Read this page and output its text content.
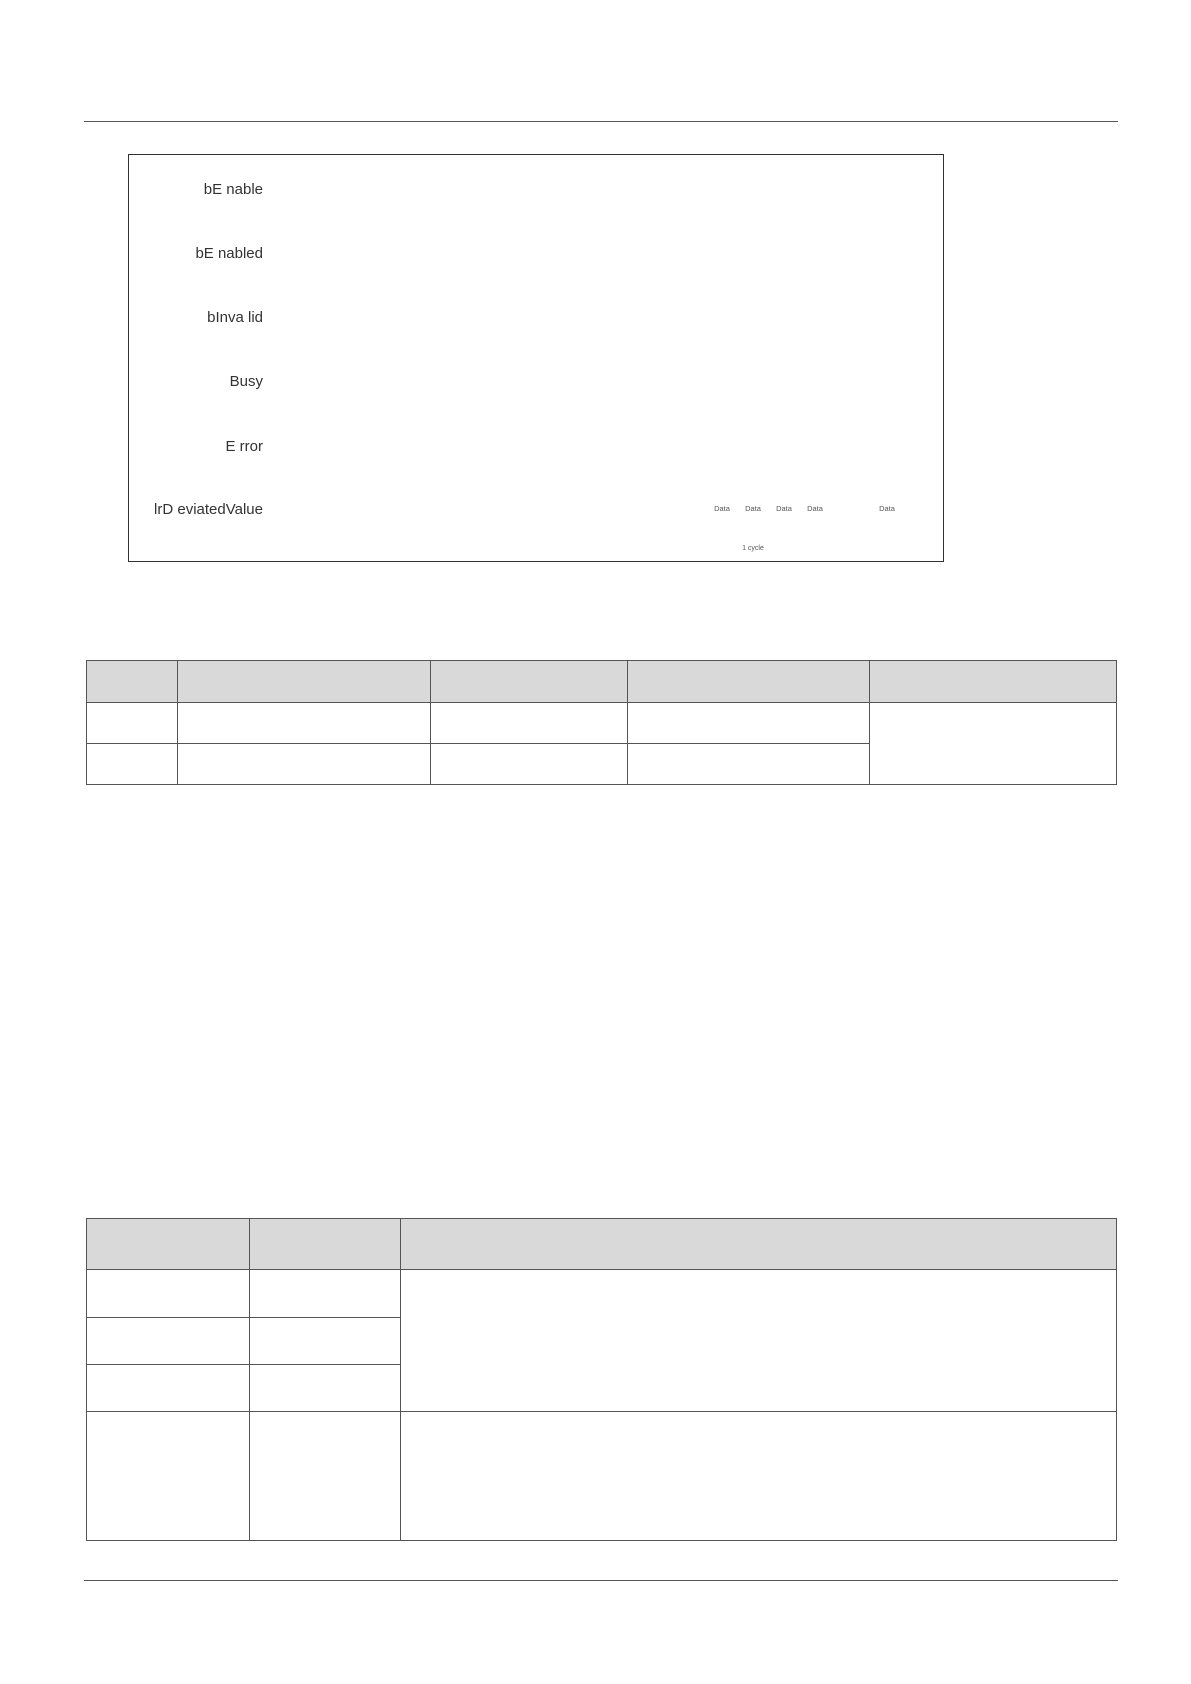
bE nable
bE nabled
bInva lid
Busy
E rror
lrD eviatedValue	Data Data Data Data	Data
1 cycle
